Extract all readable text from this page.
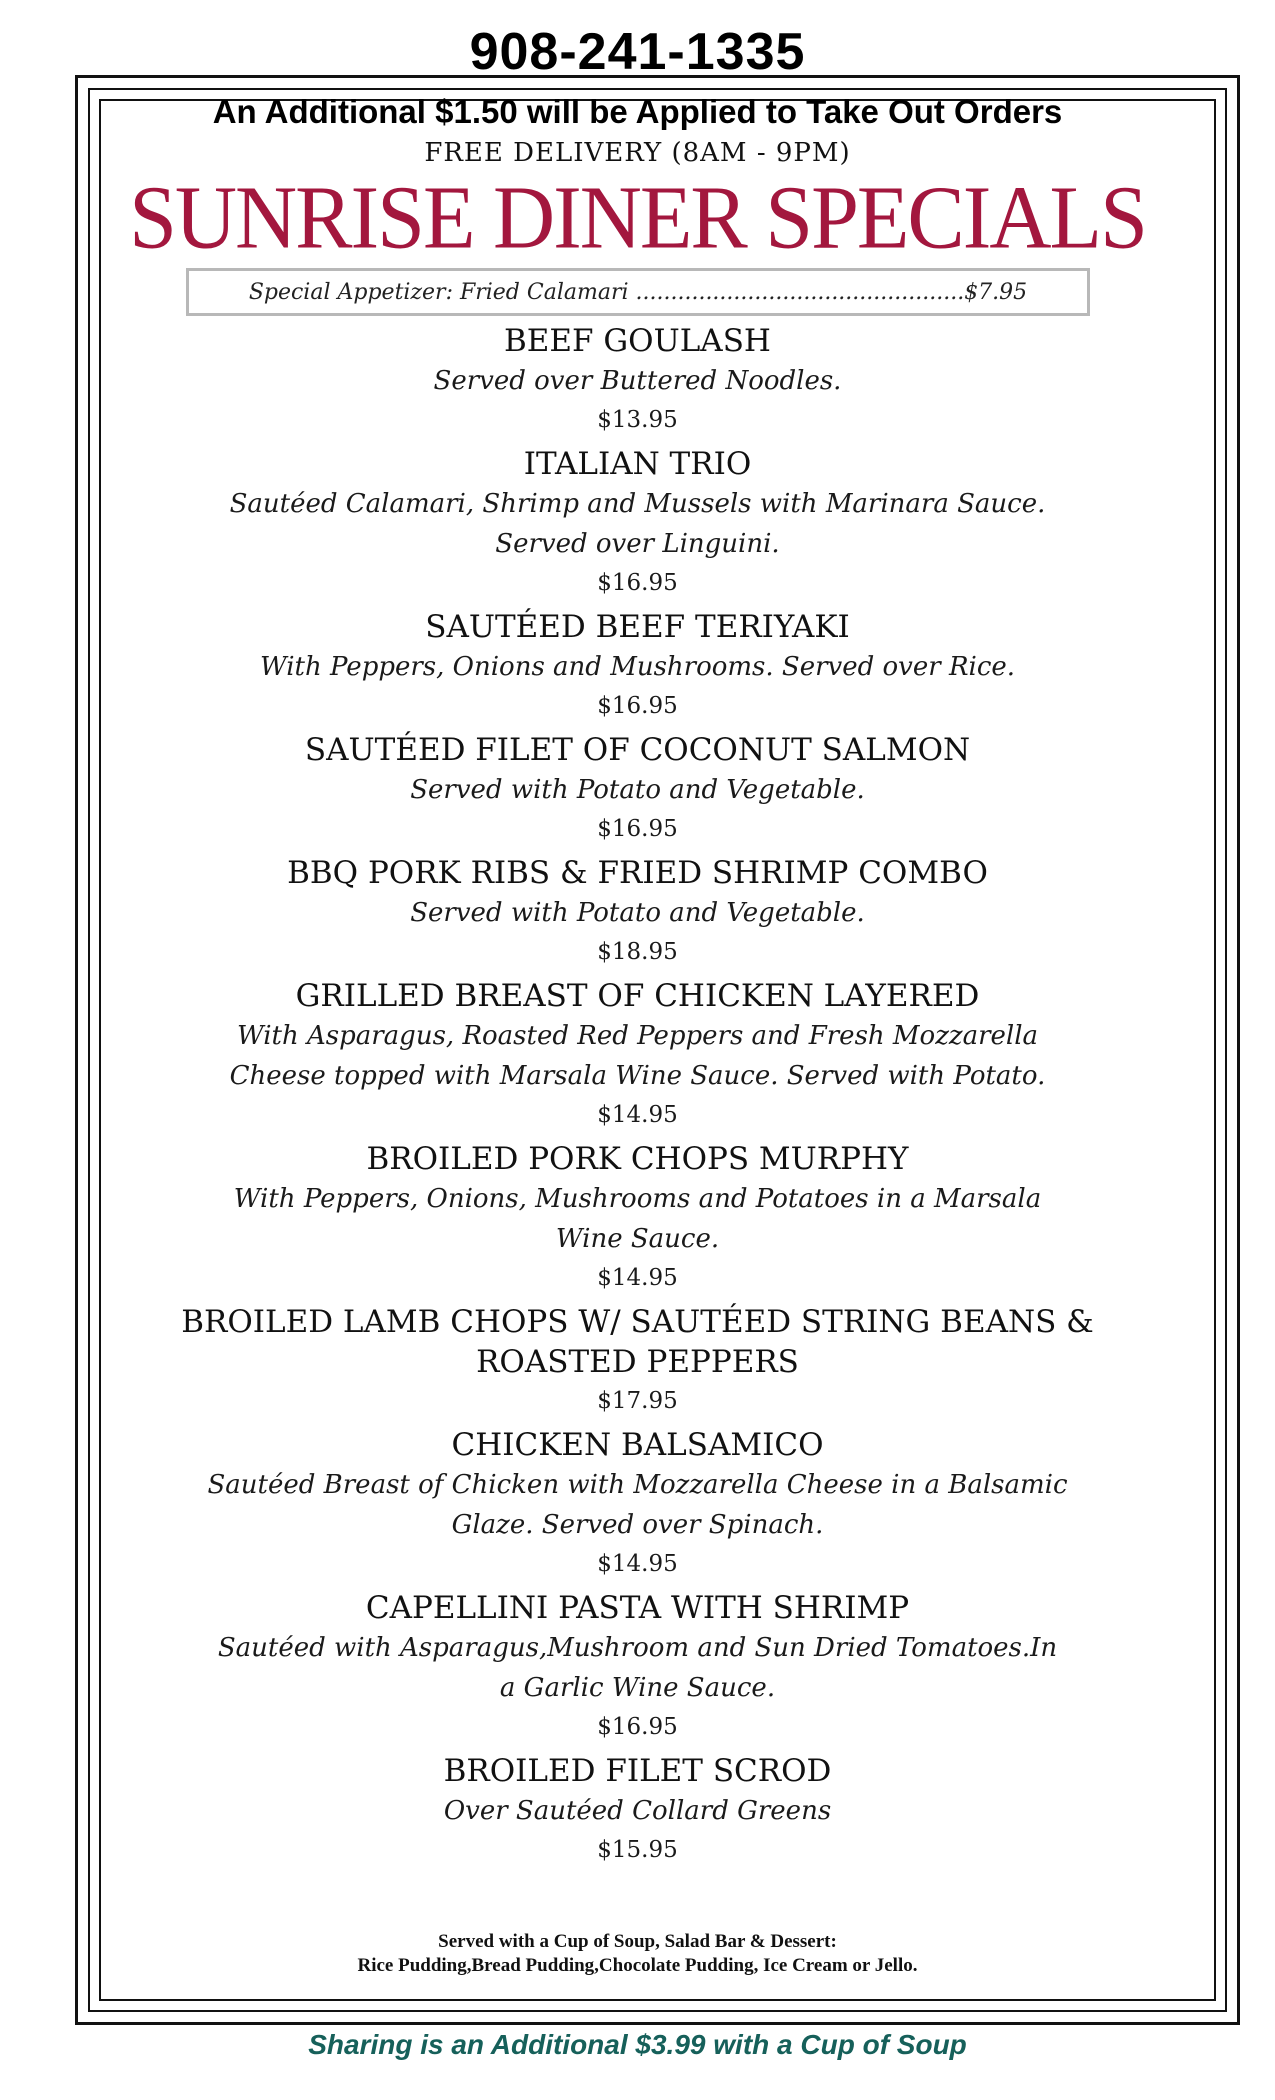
908-241-1335
An Additional $1.50 will be Applied to Take Out Orders
FREE DELIVERY (8AM - 9PM)
SUNRISE DINER SPECIALS
Special Appetizer: Fried Calamari ...............................................$7.95
BEEF GOULASH
Served over Buttered Noodles.
$13.95
ITALIAN TRIO
Sautéed Calamari, Shrimp and Mussels with Marinara Sauce.
Served over Linguini.
$16.95
SAUTÉED BEEF TERIYAKI
With Peppers, Onions and Mushrooms. Served over Rice.
$16.95
SAUTÉED FILET OF COCONUT SALMON
Served with Potato and Vegetable.
$16.95
BBQ PORK RIBS & FRIED SHRIMP COMBO
Served with Potato and Vegetable.
$18.95
GRILLED BREAST OF CHICKEN LAYERED
With Asparagus, Roasted Red Peppers and Fresh Mozzarella
Cheese topped with Marsala Wine Sauce. Served with Potato.
$14.95
BROILED PORK CHOPS MURPHY
With Peppers, Onions, Mushrooms and Potatoes in a Marsala
Wine Sauce.
$14.95
BROILED LAMB CHOPS W/ SAUTÉED STRING BEANS &
ROASTED PEPPERS
$17.95
CHICKEN BALSAMICO
Sautéed Breast of Chicken with Mozzarella Cheese in a Balsamic
Glaze. Served over Spinach.
$14.95
CAPELLINI PASTA WITH SHRIMP
Sautéed with Asparagus,Mushroom and Sun Dried Tomatoes.In
a Garlic Wine Sauce.
$16.95
BROILED FILET SCROD
Over Sautéed Collard Greens
$15.95
Served with a Cup of Soup, Salad Bar & Dessert:
Rice Pudding,Bread Pudding,Chocolate Pudding, Ice Cream or Jello.
Sharing is an Additional $3.99 with a Cup of Soup
